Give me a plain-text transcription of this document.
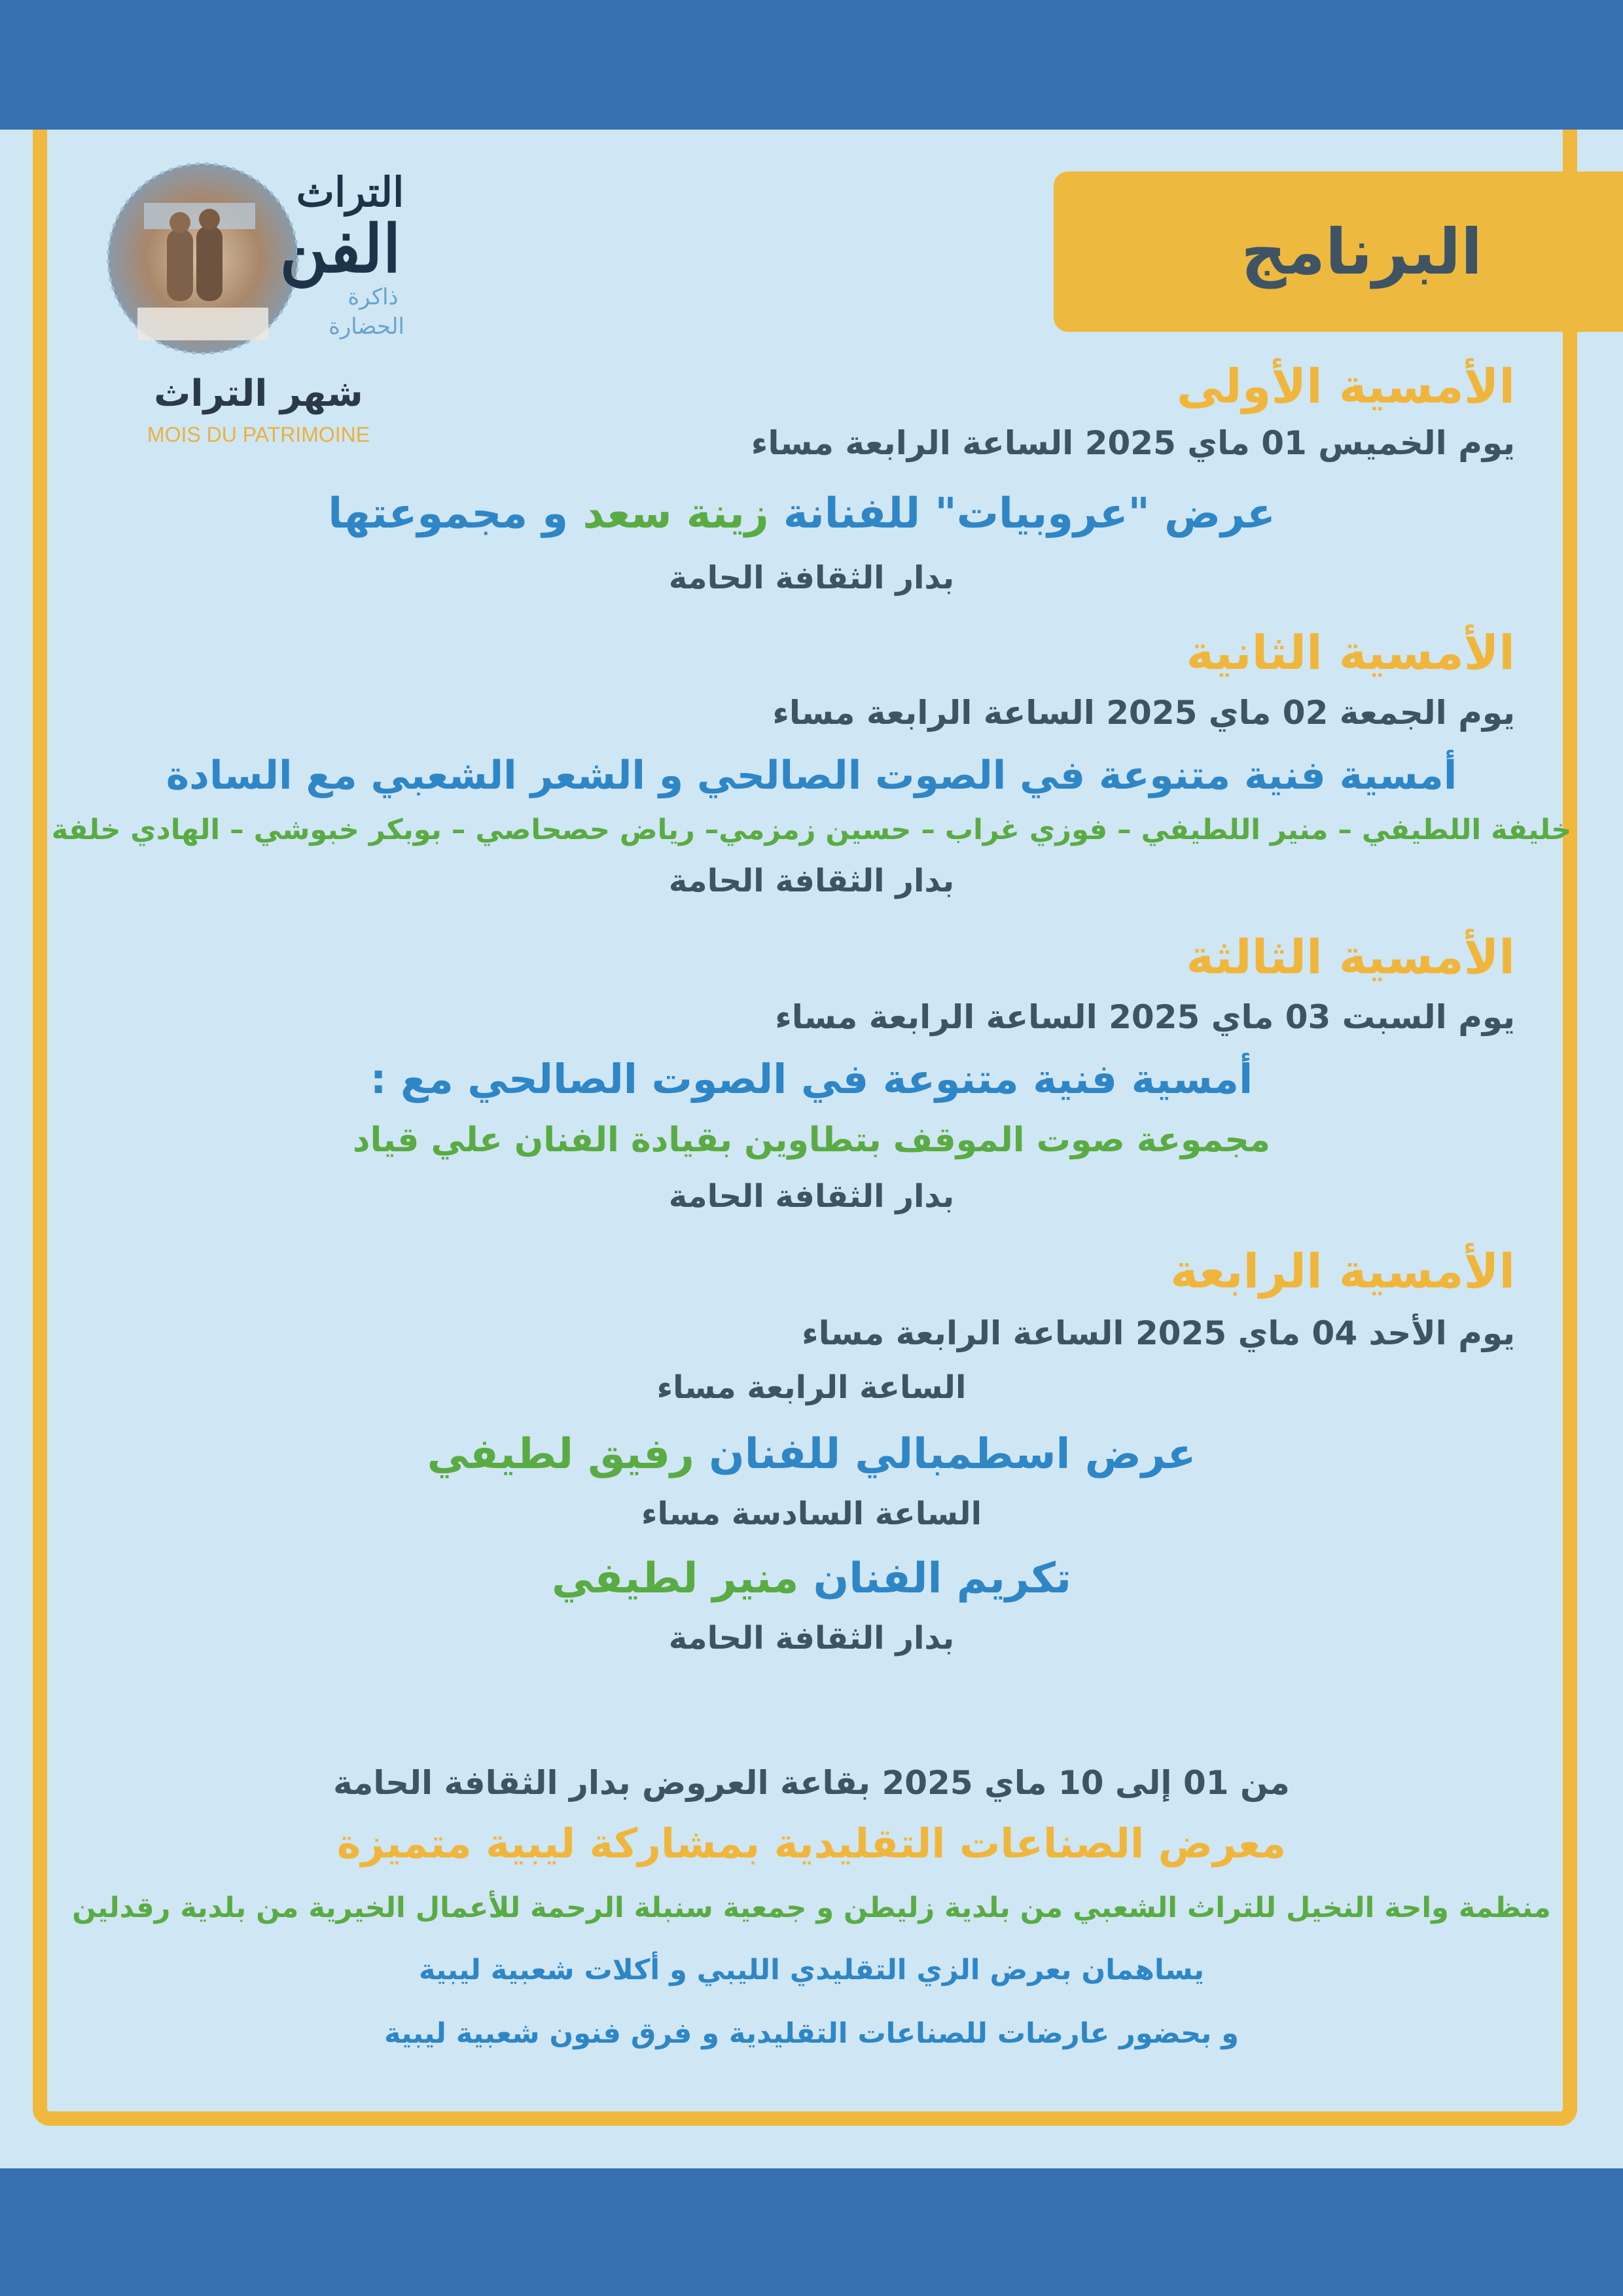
البرنامج
التراث
الفن
ذاكرة
الحضارة
شهر التراث
MOIS DU PATRIMOINE

الأمسية الأولى

يوم الخميس 01 ماي 2025 الساعة الرابعة مساء

عرض "عروبيات" للفنانة زينة سعد و مجموعتها

بدار الثقافة الحامة

الأمسية الثانية

يوم الجمعة 02 ماي 2025 الساعة الرابعة مساء

أمسية فنية متنوعة في الصوت الصالحي و الشعر الشعبي مع السادة

خليفة اللطيفي – منير اللطيفي – فوزي غراب – حسين زمزمي– رياض حصحاصي – بوبكر خبوشي – الهادي خلفة

بدار الثقافة الحامة

الأمسية الثالثة

يوم السبت 03 ماي 2025 الساعة الرابعة مساء

أمسية فنية متنوعة في الصوت الصالحي مع :

مجموعة صوت الموقف بتطاوين بقيادة الفنان علي قياد

بدار الثقافة الحامة

الأمسية الرابعة

يوم الأحد 04 ماي 2025 الساعة الرابعة مساء

الساعة الرابعة مساء

عرض اسطمبالي للفنان رفيق لطيفي

الساعة السادسة مساء

تكريم الفنان منير لطيفي

بدار الثقافة الحامة

من 01 إلى 10 ماي 2025 بقاعة العروض بدار الثقافة الحامة

معرض الصناعات التقليدية بمشاركة ليبية متميزة

منظمة واحة النخيل للتراث الشعبي من بلدية زليطن و جمعية سنبلة الرحمة للأعمال الخيرية من بلدية رقدلين

يساهمان بعرض الزي التقليدي الليبي و أكلات شعبية ليبية

و بحضور عارضات للصناعات التقليدية و فرق فنون شعبية ليبية
